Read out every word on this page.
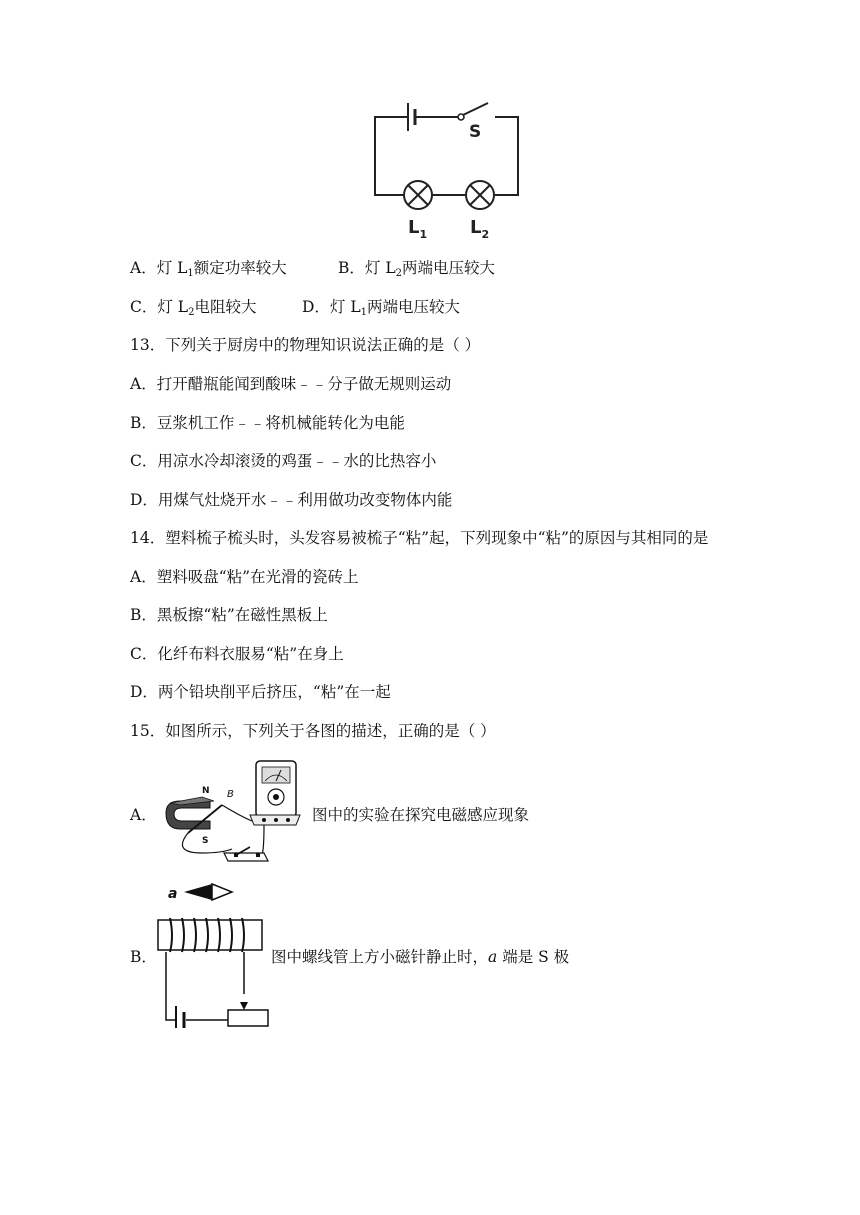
S
$L_1$ $L_2$
A．灯 $L_1$额定功率较大	B．灯 $L_2$两端电压较大
C．灯 $L_2$电阻较大	D．灯 $L_1$两端电压较大
13．下列关于厨房中的物理知识说法正确的是（ ）
A．打开醋瓶能闻到酸味﹣﹣分子做无规则运动
B．豆浆机工作﹣﹣将机械能转化为电能
C．用凉水冷却滚烫的鸡蛋﹣﹣水的比热容小
D．用煤气灶烧开水﹣﹣利用做功改变物体内能
14．塑料梳子梳头时，头发容易被梳子“粘”起，下列现象中“粘”的原因与其相同的是
A．塑料吸盘“粘”在光滑的瓷砖上
B．黑板擦“粘”在磁性黑板上
C．化纤布料衣服易“粘”在身上
D．两个铅块削平后挤压，“粘”在一起
15．如图所示，下列关于各图的描述，正确的是（ ）
A．
N
S
B
图中的实验在探究电磁感应现象
a
B．	图中螺线管上方小磁针静止时，a 端是 S 极
